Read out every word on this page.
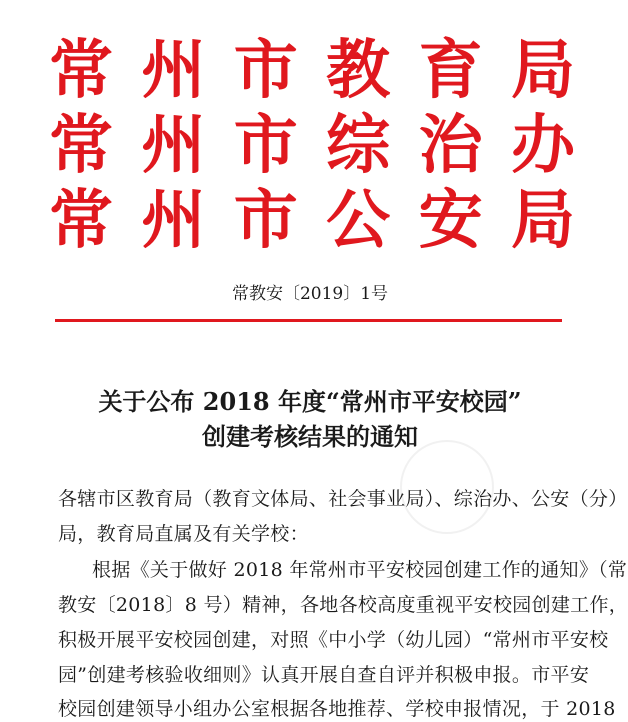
常 州 市 教 育 局
常 州 市 综 治 办
常 州 市 公 安 局
常教安〔2019〕1号
关于公布 2018 年度“常州市平安校园”
创建考核结果的通知
各辖市区教育局（教育文体局、社会事业局）、综治办、公安（分）
局，教育局直属及有关学校：
根据《关于做好 2018 年常州市平安校园创建工作的通知》（常
教安〔2018〕8 号）精神，各地各校高度重视平安校园创建工作，
积极开展平安校园创建，对照《中小学（幼儿园）“常州市平安校
园”创建考核验收细则》认真开展自查自评并积极申报。市平安
校园创建领导小组办公室根据各地推荐、学校申报情况，于 2018
